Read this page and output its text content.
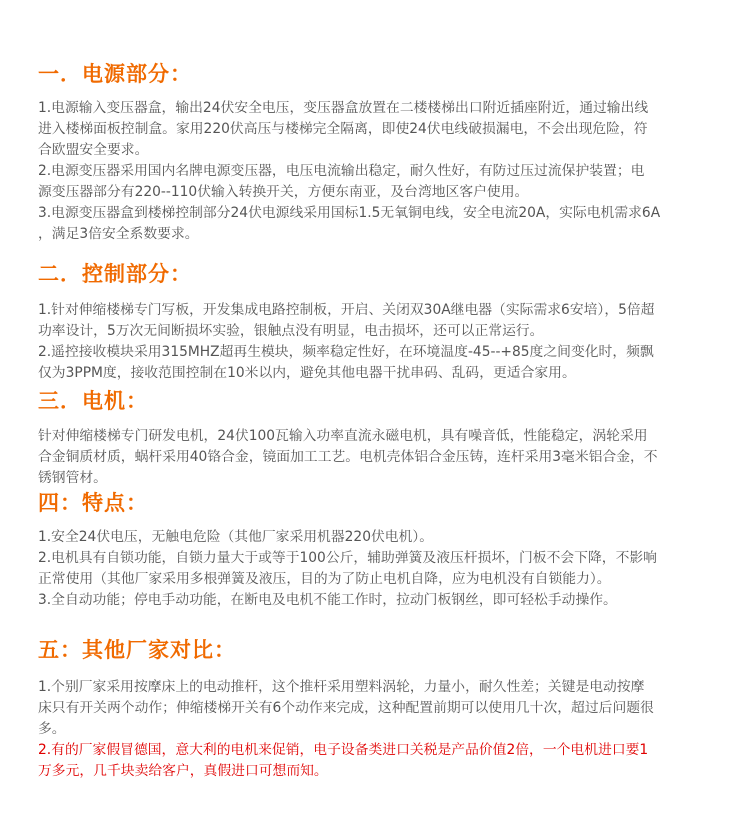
一．电源部分：
1.电源输入变压器盒，输出24伏安全电压，变压器盒放置在二楼楼梯出口附近插座附近，通过输出线
进入楼梯面板控制盒。家用220伏高压与楼梯完全隔离，即使24伏电线破损漏电，不会出现危险，符
合欧盟安全要求。
2.电源变压器采用国内名牌电源变压器，电压电流输出稳定，耐久性好，有防过压过流保护装置；电
源变压器部分有220--110伏输入转换开关，方便东南亚，及台湾地区客户使用。
3.电源变压器盒到楼梯控制部分24伏电源线采用国标1.5无氧铜电线，安全电流20A，实际电机需求6A
，满足3倍安全系数要求。
二．控制部分：
1.针对伸缩楼梯专门写板，开发集成电路控制板，开启、关闭双30A继电器（实际需求6安培），5倍超
功率设计，5万次无间断损坏实验，银触点没有明显，电击损坏，还可以正常运行。
2.遥控接收模块采用315MHZ超再生模块，频率稳定性好，在环境温度-45--+85度之间变化时，频飘
仅为3PPM度，接收范围控制在10米以内，避免其他电器干扰串码、乱码，更适合家用。
三．电机：
针对伸缩楼梯专门研发电机，24伏100瓦输入功率直流永磁电机，具有噪音低，性能稳定，涡轮采用
合金铜质材质，蜗杆采用40铬合金，镜面加工工艺。电机壳体铝合金压铸，连杆采用3毫米铝合金，不
锈钢管材。
四：特点：
1.安全24伏电压，无触电危险（其他厂家采用机器220伏电机）。
2.电机具有自锁功能，自锁力量大于或等于100公斤，辅助弹簧及液压杆损坏，门板不会下降，不影响
正常使用（其他厂家采用多根弹簧及液压，目的为了防止电机自降，应为电机没有自锁能力）。
3.全自动功能；停电手动功能，在断电及电机不能工作时，拉动门板钢丝，即可轻松手动操作。
五：其他厂家对比：
1.个别厂家采用按摩床上的电动推杆，这个推杆采用塑料涡轮，力量小，耐久性差；关键是电动按摩
床只有开关两个动作；伸缩楼梯开关有6个动作来完成，这种配置前期可以使用几十次，超过后问题很
多。
2.有的厂家假冒德国，意大利的电机来促销，电子设备类进口关税是产品价值2倍，一个电机进口要1
万多元，几千块卖给客户，真假进口可想而知。
